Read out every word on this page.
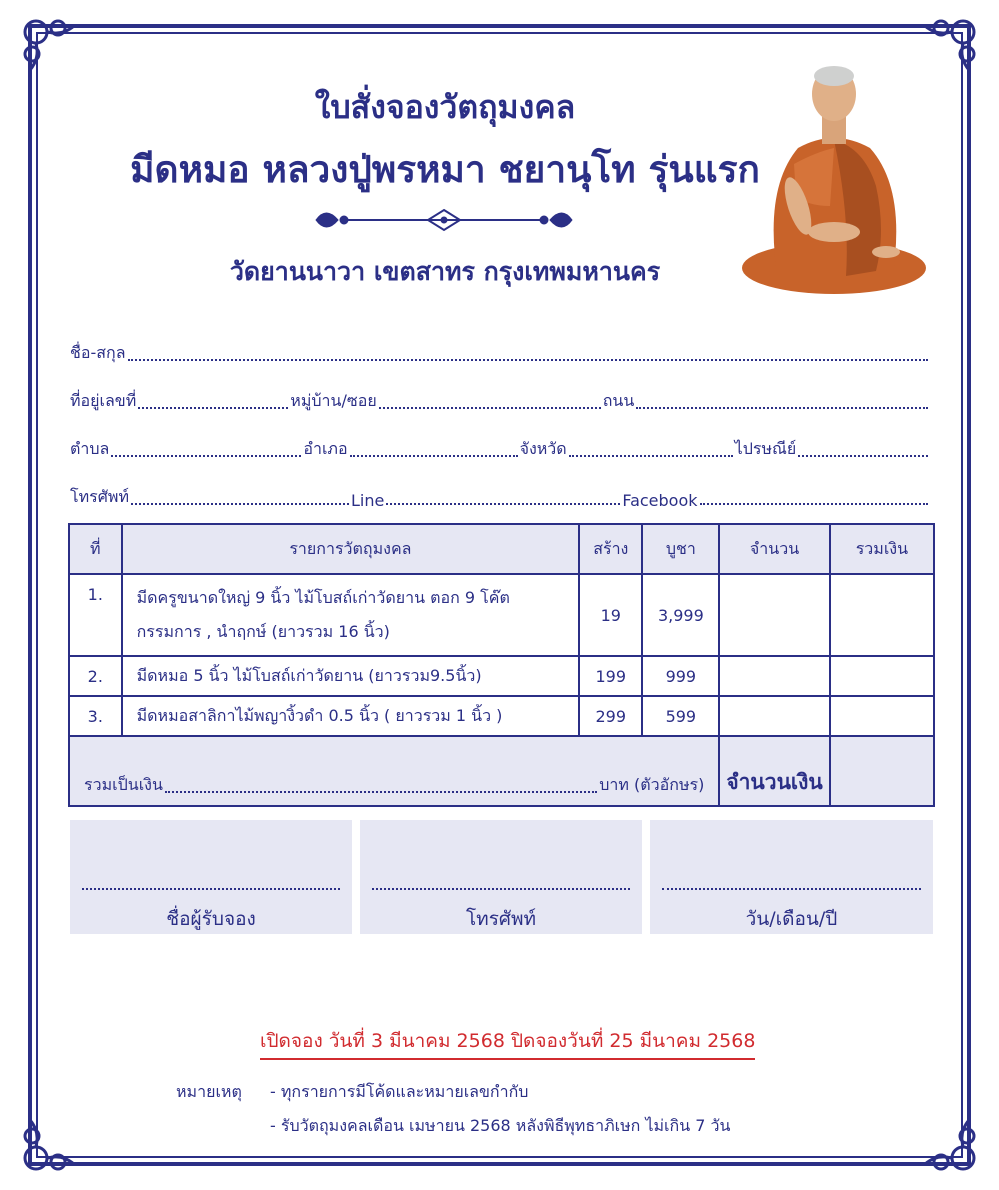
ใบสั่งจองวัตถุมงคล
มีดหมอ หลวงปู่พรหมา ชยานุโท รุ่นแรก
วัดยานนาวา เขตสาทร กรุงเทพมหานคร
ชื่อ-สกุล
ที่อยู่เลขที่	หมู่บ้าน/ซอย	ถนน
ตำบล	อำเภอ	จังหวัด	ไปรษณีย์
โทรศัพท์	Line	Facebook
ที่	รายการวัตถุมงคล	สร้าง	บูชา	จำนวน	รวมเงิน
1.	มีดครูขนาดใหญ่ 9 นิ้ว ไม้โบสถ์เก่าวัดยาน ตอก 9 โค๊ต
กรรมการ , นำฤกษ์ (ยาวรวม 16 นิ้ว)	19	3,999		
2.	มีดหมอ 5 นิ้ว ไม้โบสถ์เก่าวัดยาน (ยาวรวม9.5นิ้ว)	199	999		
3.	มีดหมอสาลิกาไม้พญางิ้วดำ 0.5 นิ้ว ( ยาวรวม 1 นิ้ว )	299	599		

รวมเป็นเงิน บาท (ตัวอักษร)				จำนวนเงิน	
ชื่อผู้รับจอง	โทรศัพท์	วัน/เดือน/ปี
เปิดจอง วันที่ 3 มีนาคม 2568 ปิดจองวันที่ 25 มีนาคม 2568
หมายเหตุ - ทุกรายการมีโค้ดและหมายเลขกำกับ
- รับวัตถุมงคลเดือน เมษายน 2568 หลังพิธีพุทธาภิเษก ไม่เกิน 7 วัน
